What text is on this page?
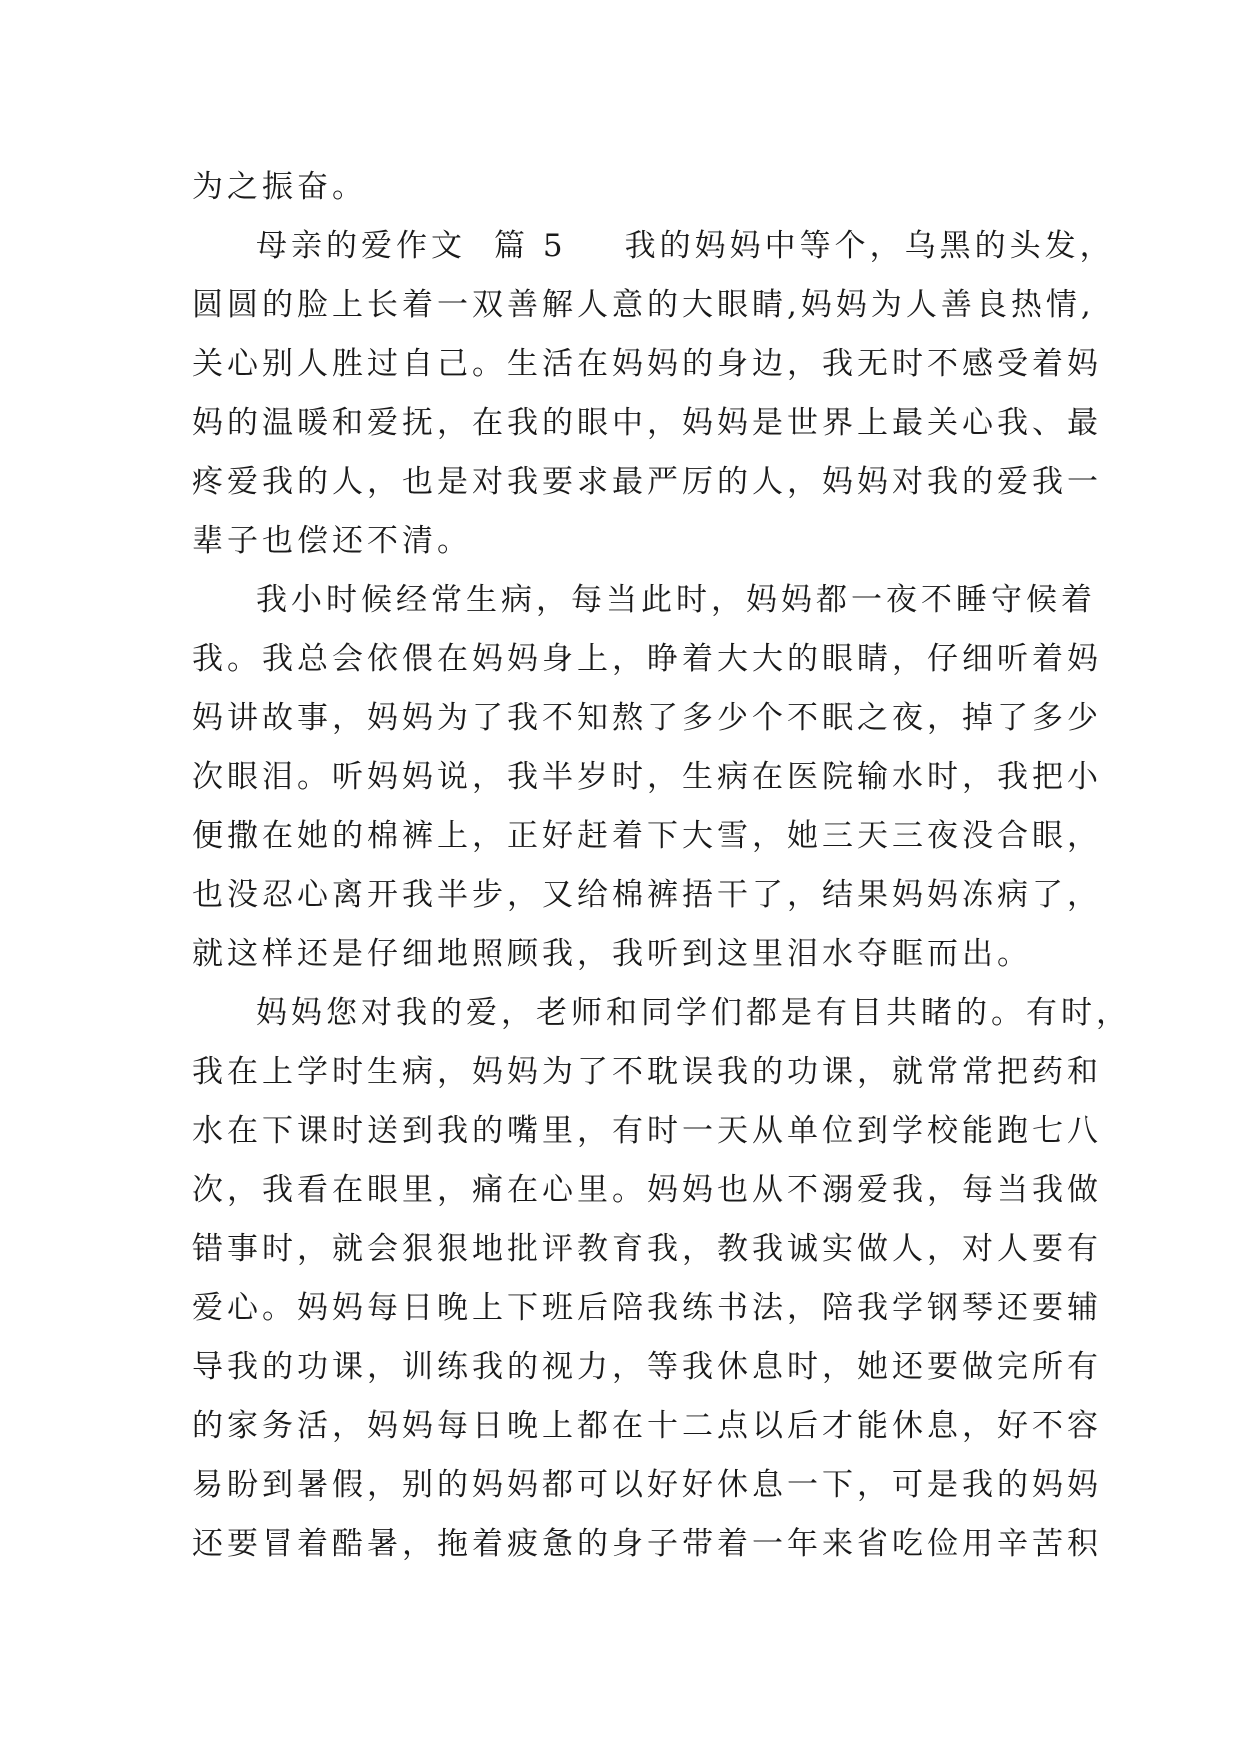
为之振奋。
母亲的爱作文 篇 5 我的妈妈中等个，乌黑的头发，
圆圆的脸上长着一双善解人意的大眼睛,妈妈为人善良热情,
关心别人胜过自己。生活在妈妈的身边，我无时不感受着妈
妈的温暖和爱抚，在我的眼中，妈妈是世界上最关心我、最
疼爱我的人，也是对我要求最严厉的人，妈妈对我的爱我一
辈子也偿还不清。
我小时候经常生病，每当此时，妈妈都一夜不睡守候着
我。我总会依偎在妈妈身上，睁着大大的眼睛，仔细听着妈
妈讲故事，妈妈为了我不知熬了多少个不眠之夜，掉了多少
次眼泪。听妈妈说，我半岁时，生病在医院输水时，我把小
便撒在她的棉裤上，正好赶着下大雪，她三天三夜没合眼，
也没忍心离开我半步，又给棉裤捂干了，结果妈妈冻病了，
就这样还是仔细地照顾我，我听到这里泪水夺眶而出。
妈妈您对我的爱，老师和同学们都是有目共睹的。有时，
我在上学时生病，妈妈为了不耽误我的功课，就常常把药和
水在下课时送到我的嘴里，有时一天从单位到学校能跑七八
次，我看在眼里，痛在心里。妈妈也从不溺爱我，每当我做
错事时，就会狠狠地批评教育我，教我诚实做人，对人要有
爱心。妈妈每日晚上下班后陪我练书法，陪我学钢琴还要辅
导我的功课，训练我的视力，等我休息时，她还要做完所有
的家务活，妈妈每日晚上都在十二点以后才能休息，好不容
易盼到暑假，别的妈妈都可以好好休息一下，可是我的妈妈
还要冒着酷暑，拖着疲惫的身子带着一年来省吃俭用辛苦积
